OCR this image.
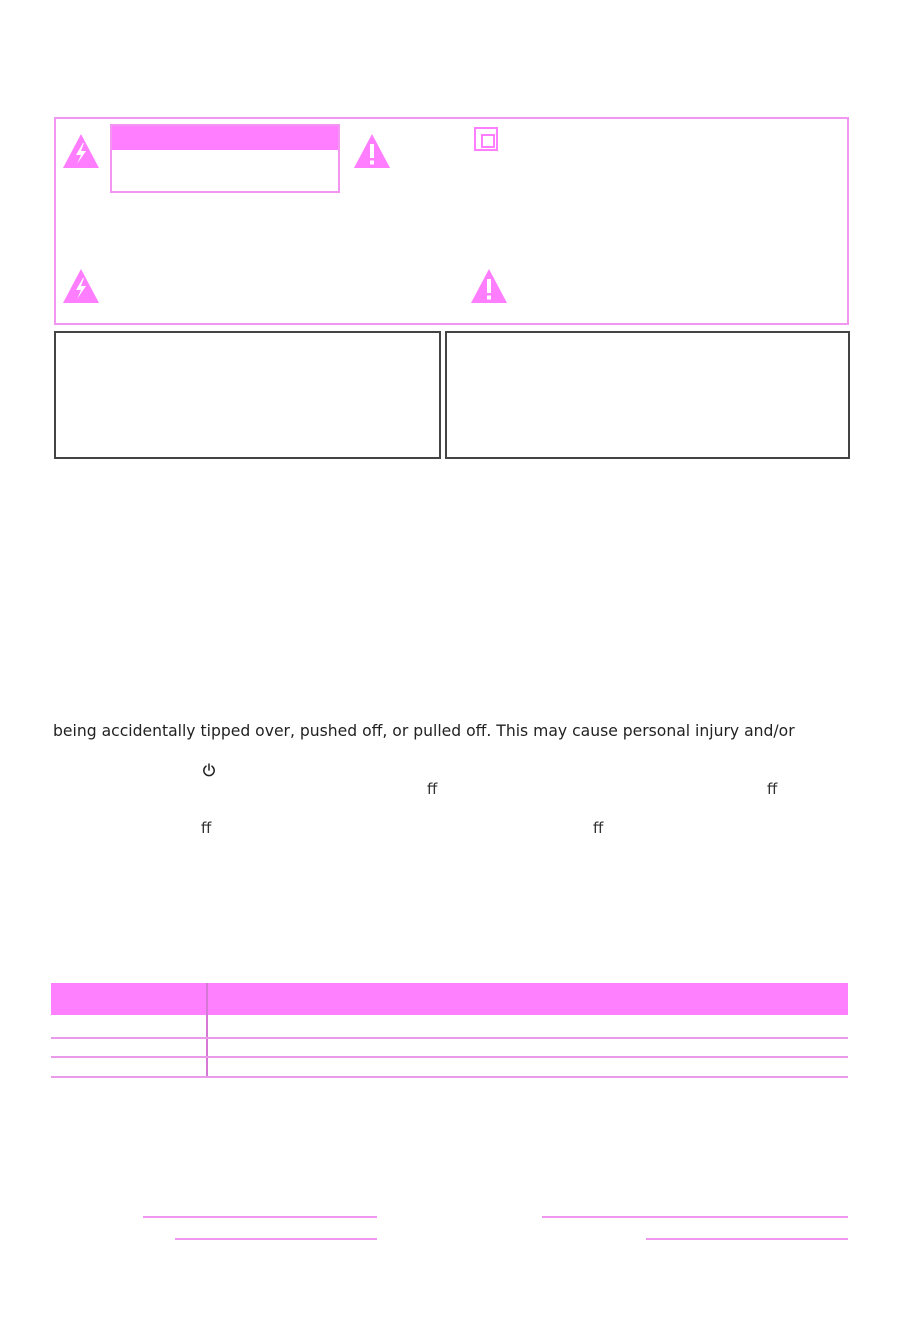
being accidentally tipped over, pushed off, or pulled off. This may cause personal injury and/or
ff	ff
ff	ff
